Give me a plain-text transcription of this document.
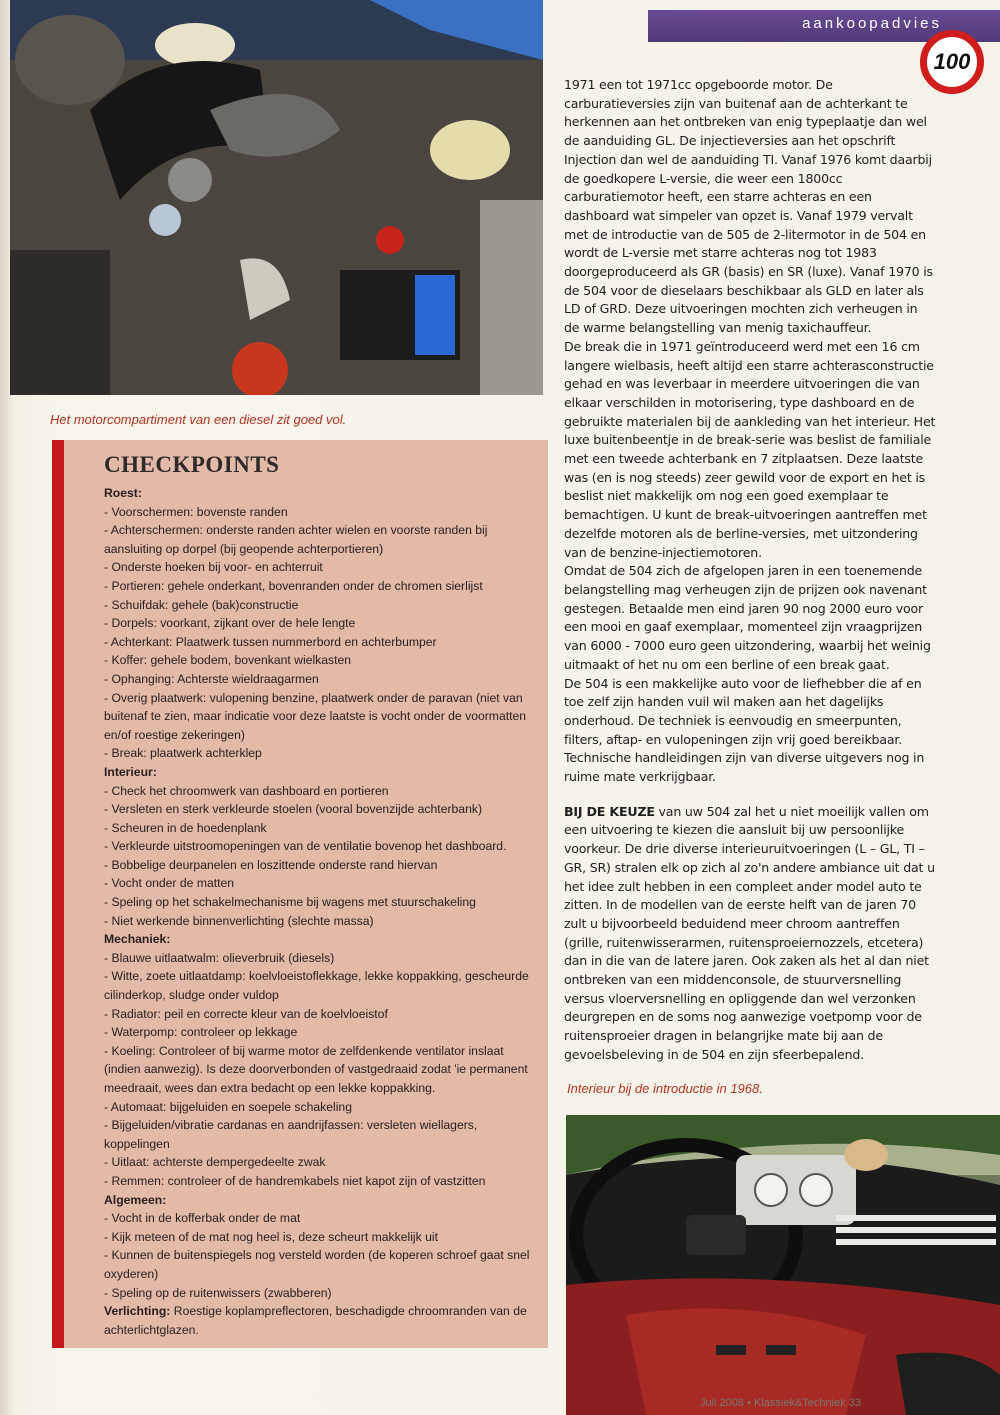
Het motorcompartiment van een diesel zit goed vol.
aankoopadvies
100

1971 een tot 1971cc opgeboorde motor. De carburatieversies zijn van buitenaf aan de achterkant te herkennen aan het ontbreken van enig typeplaatje dan wel de aanduiding GL. De injectieversies aan het opschrift Injection dan wel de aanduiding TI. Vanaf 1976 komt daarbij de goedkopere L-versie, die weer een 1800cc carburatiemotor heeft, een starre achteras en een dashboard wat simpeler van opzet is. Vanaf 1979 vervalt met de introductie van de 505 de 2-litermotor in de 504 en wordt de L-versie met starre achteras nog tot 1983 doorgeproduceerd als GR (basis) en SR (luxe). Vanaf 1970 is de 504 voor de dieselaars beschikbaar als GLD en later als LD of GRD. Deze uitvoeringen mochten zich verheugen in de warme belangstelling van menig taxichauffeur.

De break die in 1971 geïntroduceerd werd met een 16 cm langere wielbasis, heeft altijd een starre achterasconstructie gehad en was leverbaar in meerdere uitvoeringen die van elkaar verschilden in motorisering, type dashboard en de gebruikte materialen bij de aankleding van het interieur. Het luxe buitenbeentje in de break-serie was beslist de familiale met een tweede achterbank en 7 zitplaatsen. Deze laatste was (en is nog steeds) zeer gewild voor de export en het is beslist niet makkelijk om nog een goed exemplaar te bemachtigen. U kunt de break-uitvoeringen aantreffen met dezelfde motoren als de berline-versies, met uitzondering van de benzine-injectiemotoren.

Omdat de 504 zich de afgelopen jaren in een toenemende belangstelling mag verheugen zijn de prijzen ook navenant gestegen. Betaalde men eind jaren 90 nog 2000 euro voor een mooi en gaaf exemplaar, momenteel zijn vraagprijzen van 6000 - 7000 euro geen uitzondering, waarbij het weinig uitmaakt of het nu om een berline of een break gaat.

De 504 is een makkelijke auto voor de liefhebber die af en toe zelf zijn handen vuil wil maken aan het dagelijks onderhoud. De techniek is eenvoudig en smeerpunten, filters, aftap- en vulopeningen zijn vrij goed bereikbaar. Technische handleidingen zijn van diverse uitgevers nog in ruime mate verkrijgbaar.

BIJ DE KEUZE van uw 504 zal het u niet moeilijk vallen om een uitvoering te kiezen die aansluit bij uw persoonlijke voorkeur. De drie diverse interieuruitvoeringen (L – GL, TI – GR, SR) stralen elk op zich al zo'n andere ambiance uit dat u het idee zult hebben in een compleet ander model auto te zitten. In de modellen van de eerste helft van de jaren 70 zult u bijvoorbeeld beduidend meer chroom aantreffen (grille, ruitenwisserarmen, ruitensproeiernozzels, etcetera) dan in die van de latere jaren. Ook zaken als het al dan niet ontbreken van een middenconsole, de stuurversnelling versus vloerversnelling en opliggende dan wel verzonken deurgrepen en de soms nog aanwezige voetpomp voor de ruitensproeier dragen in belangrijke mate bij aan de gevoelsbeleving in de 504 en zijn sfeerbepalend.

Interieur bij de introductie in 1968.
CHECKPOINTS
Roest:
- Voorschermen: bovenste randen
- Achterschermen: onderste randen achter wielen en voorste randen bij aansluiting op dorpel (bij geopende achterportieren)
- Onderste hoeken bij voor- en achterruit
- Portieren: gehele onderkant, bovenranden onder de chromen sierlijst
- Schuifdak: gehele (bak)constructie
- Dorpels: voorkant, zijkant over de hele lengte
- Achterkant: Plaatwerk tussen nummerbord en achterbumper
- Koffer: gehele bodem, bovenkant wielkasten
- Ophanging: Achterste wieldraagarmen
- Overig plaatwerk: vulopening benzine, plaatwerk onder de paravan (niet van buitenaf te zien, maar indicatie voor deze laatste is vocht onder de voormatten en/of roestige zekeringen)
- Break: plaatwerk achterklep
Interieur:
- Check het chroomwerk van dashboard en portieren
- Versleten en sterk verkleurde stoelen (vooral bovenzijde achterbank)
- Scheuren in de hoedenplank
- Verkleurde uitstroomopeningen van de ventilatie bovenop het dashboard.
- Bobbelige deurpanelen en loszittende onderste rand hiervan
- Vocht onder de matten
- Speling op het schakelmechanisme bij wagens met stuurschakeling
- Niet werkende binnenverlichting (slechte massa)
Mechaniek:
- Blauwe uitlaatwalm: olieverbruik (diesels)
- Witte, zoete uitlaatdamp: koelvloeistoflekkage, lekke koppakking, gescheurde cilinderkop, sludge onder vuldop
- Radiator: peil en correcte kleur van de koelvloeistof
- Waterpomp: controleer op lekkage
- Koeling: Controleer of bij warme motor de zelfdenkende ventilator inslaat (indien aanwezig). Is deze doorverbonden of vastgedraaid zodat 'ie permanent meedraait, wees dan extra bedacht op een lekke koppakking.
- Automaat: bijgeluiden en soepele schakeling
- Bijgeluiden/vibratie cardanas en aandrijfassen: versleten wiellagers, koppelingen
- Uitlaat: achterste dempergedeelte zwak
- Remmen: controleer of de handremkabels niet kapot zijn of vastzitten
Algemeen:
- Vocht in de kofferbak onder de mat
- Kijk meteen of de mat nog heel is, deze scheurt makkelijk uit
- Kunnen de buitenspiegels nog versteld worden (de koperen schroef gaat snel oxyderen)
- Speling op de ruitenwissers (zwabberen)
Verlichting: Roestige koplampreflectoren, beschadigde chroomranden van de achterlichtglazen.
Juli 2008 • Klassiek&Techniek 33
